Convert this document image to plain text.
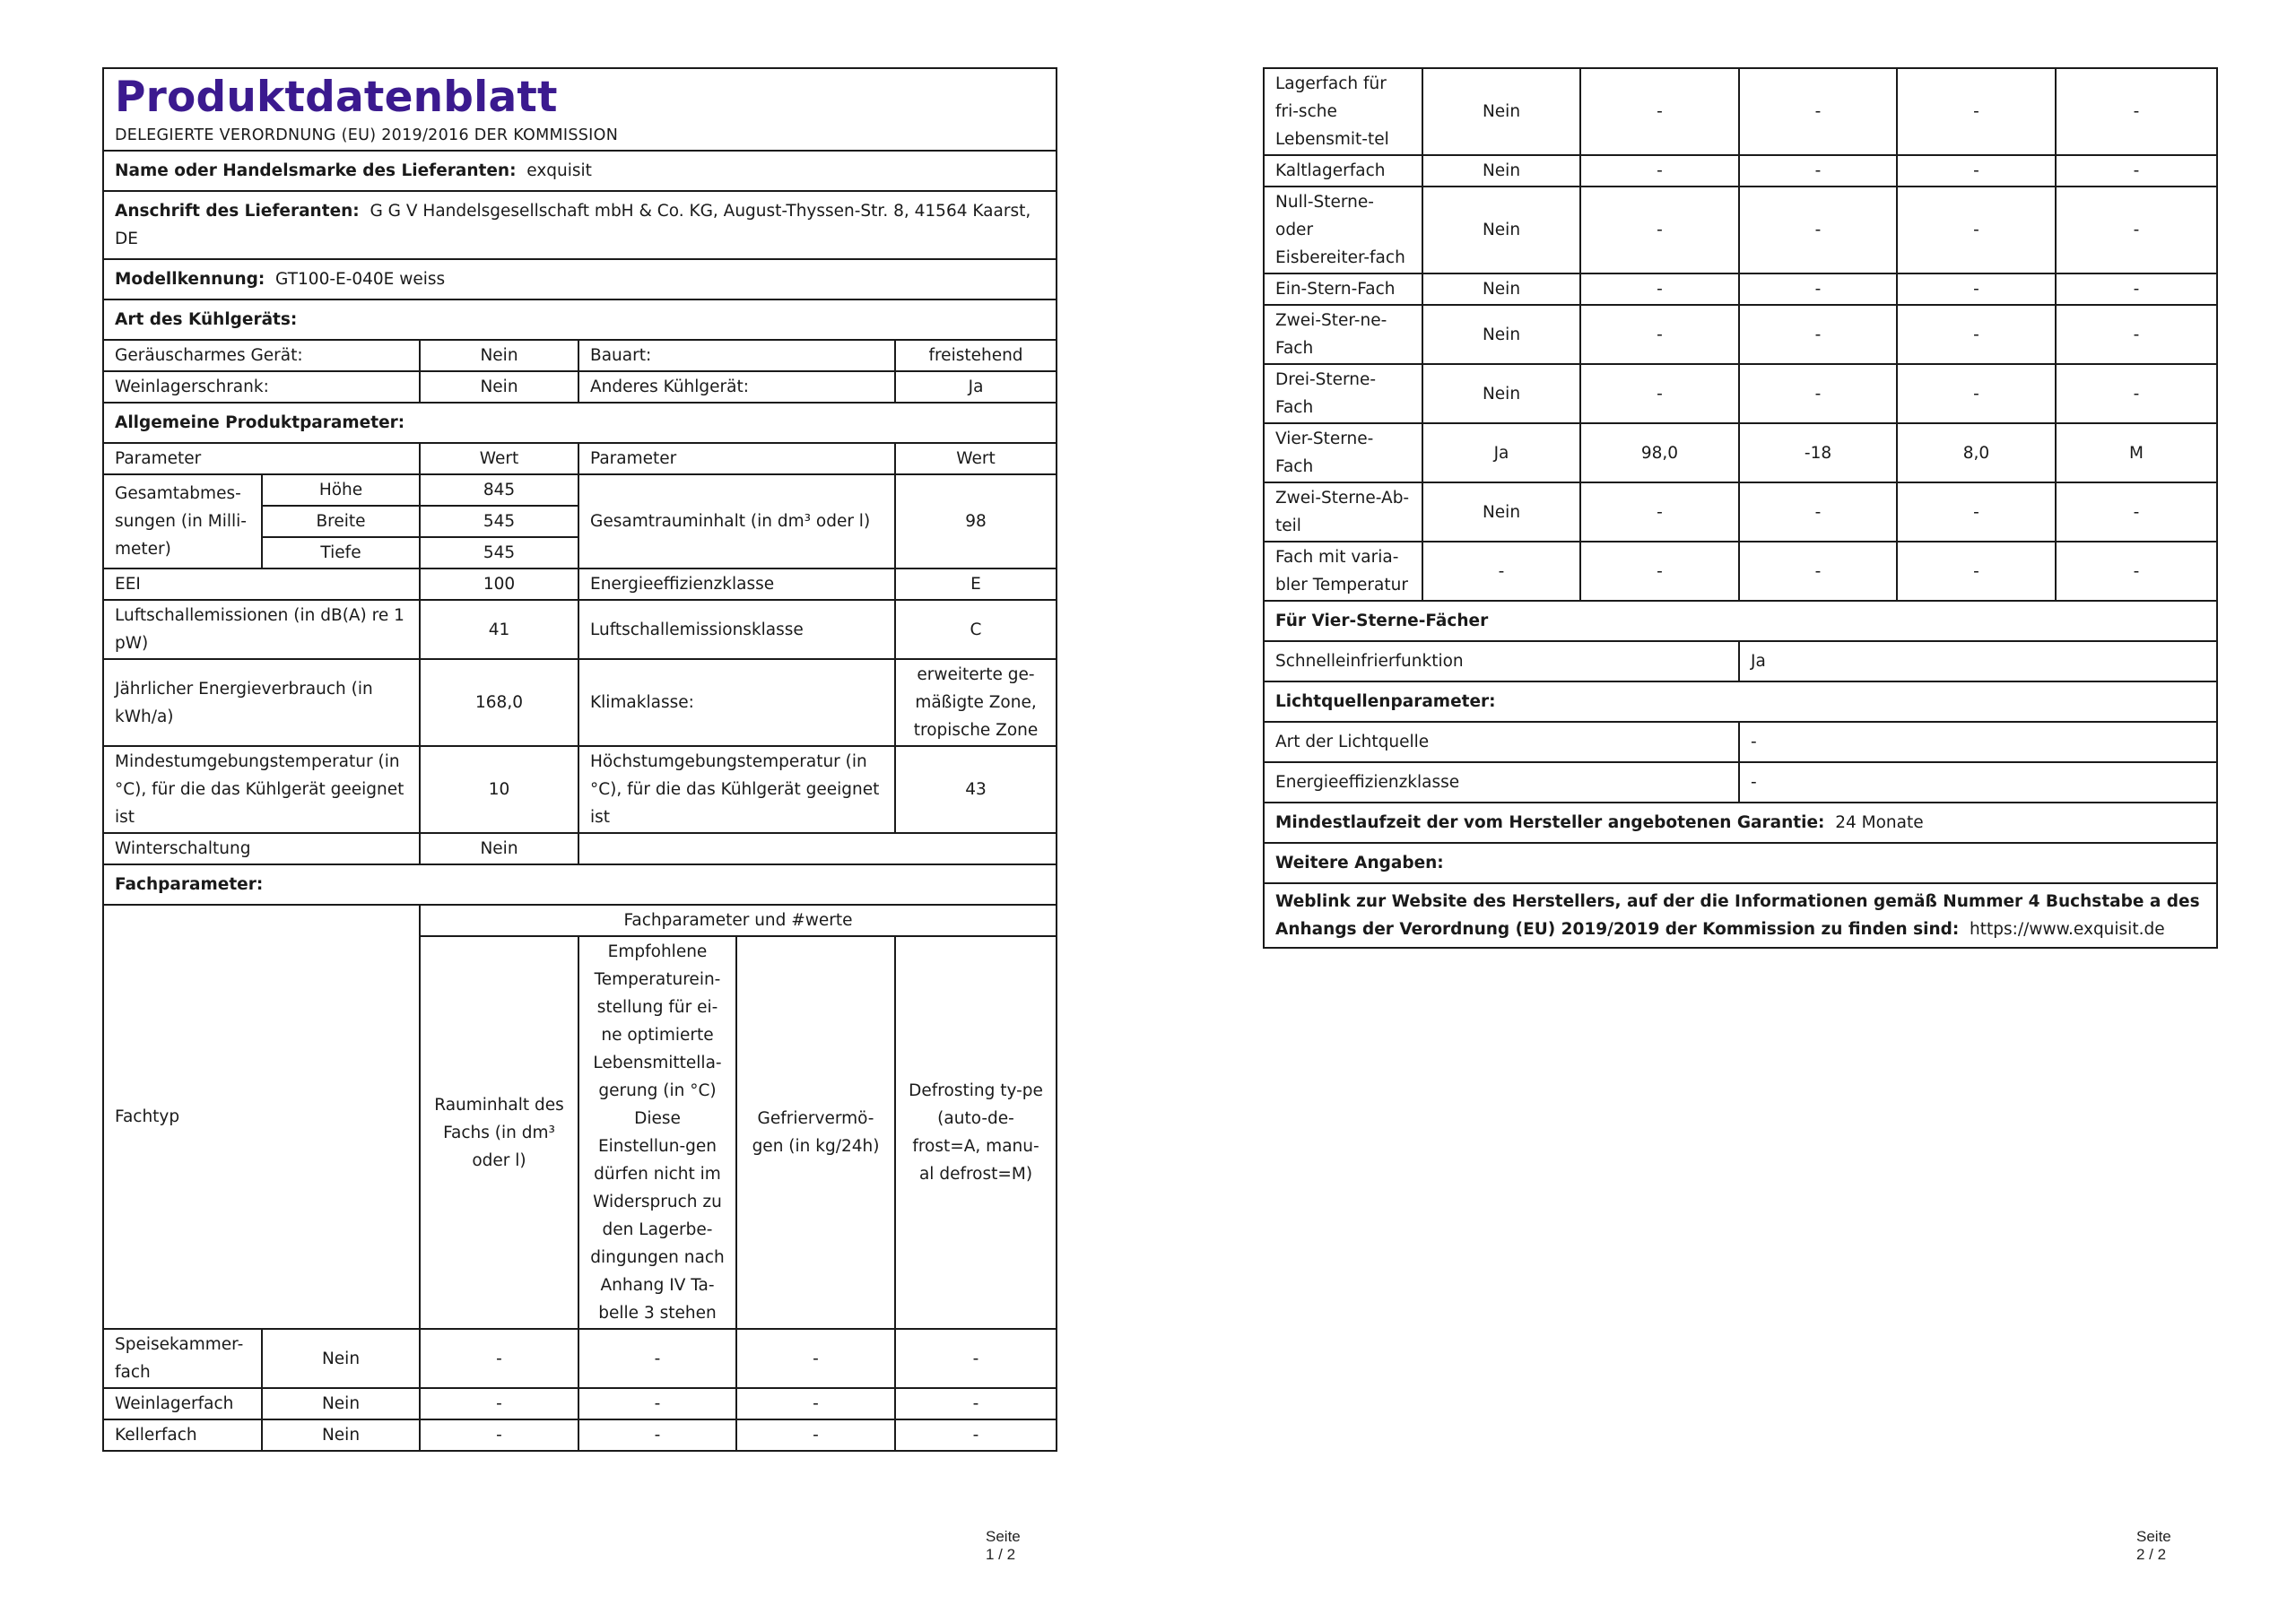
Produktdatenblatt
DELEGIERTE VERORDNUNG (EU) 2019/2016 DER KOMMISSION					

Name oder Handelsmarke des Lieferanten: exquisit					
Anschrift des Lieferanten: G G V Handelsgesellschaft mbH & Co. KG, August-Thyssen-Str. 8, 41564 Kaarst, DE					
Modellkennung: GT100-E-040E weiss					
Art des Kühlgeräts:					
Geräuscharmes Gerät:		Nein	Bauart:		freistehend
Weinlagerschrank:		Nein	Anderes Kühlgerät:		Ja
Allgemeine Produktparameter:					
Parameter		Wert	Parameter		Wert
Gesamtabmes-sungen (in Milli-meter)	Höhe	845	Gesamtrauminhalt (in dm³ oder l)		98
	Breite	545			
	Tiefe	545			
EEI		100	Energieeffizienzklasse		E
Luftschallemissionen (in dB(A) re 1 pW)		41	Luftschallemissionsklasse		C
Jährlicher Energieverbrauch (in kWh/a)		168,0	Klimaklasse:		erweiterte ge-mäßigte Zone, tropische Zone
Mindestumgebungstemperatur (in °C), für die das Kühlgerät geeignet ist		10	Höchstumgebungstemperatur (in °C), für die das Kühlgerät geeignet ist		43
Winterschaltung		Nein			
Fachparameter:					
Fachtyp		Fachparameter und #werte			
		Rauminhalt des Fachs (in dm³ oder l)	Empfohlene Temperaturein-stellung für ei-ne optimierte Lebensmittella-gerung (in °C) Diese Einstellun-gen dürfen nicht im Widerspruch zu den Lagerbe-dingungen nach Anhang IV Ta-belle 3 stehen	Gefriervermö-gen (in kg/24h)	Defrosting ty-pe (auto-de-frost=A, manu-al defrost=M)
Speisekammer-fach	Nein	-	-	-	-
Weinlagerfach	Nein	-	-	-	-
Kellerfach	Nein	-	-	-	-
Seite 1 / 2
Lagerfach für fri-sche Lebensmit-tel	Nein	-	-	-	-
Kaltlagerfach	Nein	-	-	-	-
Null-Sterne-oder Eisbereiter-fach	Nein	-	-	-	-
Ein-Stern-Fach	Nein	-	-	-	-
Zwei-Ster-ne-Fach	Nein	-	-	-	-
Drei-Sterne-Fach	Nein	-	-	-	-
Vier-Sterne-Fach	Ja	98,0	-18	8,0	M
Zwei-Sterne-Ab-teil	Nein	-	-	-	-
Fach mit varia-bler Temperatur	-	-	-	-	-
Für Vier-Sterne-Fächer					
Schnelleinfrierfunktion			Ja		
Lichtquellenparameter:					
Art der Lichtquelle			-		
Energieeffizienzklasse			-		
Mindestlaufzeit der vom Hersteller angebotenen Garantie: 24 Monate					
Weitere Angaben:					
Weblink zur Website des Herstellers, auf der die Informationen gemäß Nummer 4 Buchstabe a des Anhangs der Verordnung (EU) 2019/2019 der Kommission zu finden sind: https://www.exquisit.de					
Seite 2 / 2
